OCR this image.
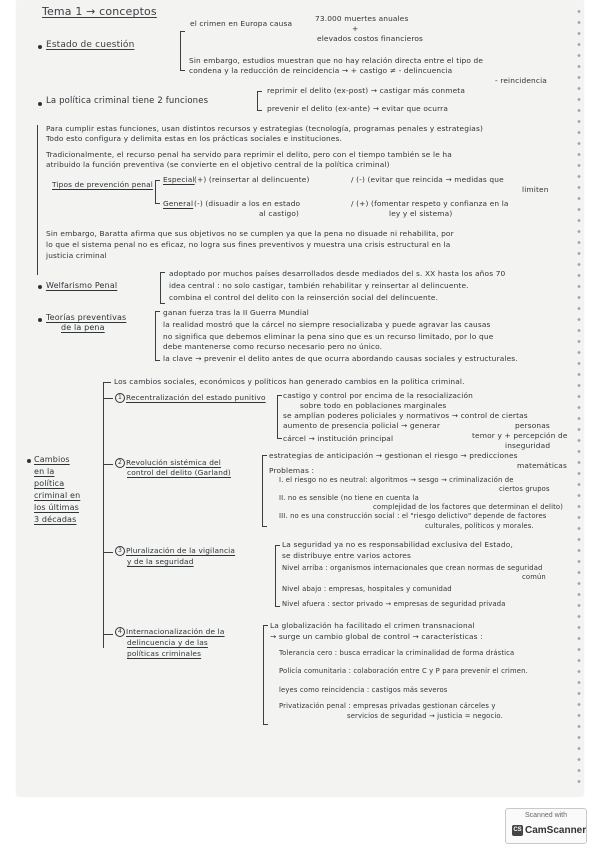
Tema 1 → conceptos
Estado de cuestión
el crimen en Europa causa
73.000 muertes anuales
+
elevados costos financieros
Sin embargo, estudios muestran que no hay relación directa entre el tipo de
condena y la reducción de reincidencia → + castigo ≠ - delincuencia
- reincidencia
La política criminal tiene 2 funciones
reprimir el delito (ex-post) → castigar más conmeta
prevenir el delito (ex-ante) → evitar que ocurra
Para cumplir estas funciones, usan distintos recursos y estrategias (tecnología, programas penales y estrategias)
Todo esto configura y delimita estas en los prácticas sociales e instituciones.
Tradicionalmente, el recurso penal ha servido para reprimir el delito, pero con el tiempo también se le ha
atribuido la función preventiva (se convierte en el objetivo central de la política criminal)
Tipos de prevención penal
Especial (+) (reinsertar al delincuente)	/ (-) (evitar que reincida → medidas que
limiten
General (-) (disuadir a los en estado
al castigo)
/ (+) (fomentar respeto y confianza en la
ley y el sistema)
Sin embargo, Baratta afirma que sus objetivos no se cumplen ya que la pena no disuade ni rehabilita, por
lo que el sistema penal no es eficaz, no logra sus fines preventivos y muestra una crisis estructural en la
justicia criminal
Welfarismo Penal
adoptado por muchos países desarrollados desde mediados del s. XX hasta los años 70
idea central : no solo castigar, también rehabilitar y reinsertar al delincuente.
combina el control del delito con la reinserción social del delincuente.
Teorías preventivas
de la pena
ganan fuerza tras la II Guerra Mundial
la realidad mostró que la cárcel no siempre resocializaba y puede agravar las causas
no significa que debemos eliminar la pena sino que es un recurso limitado, por lo que
debe mantenerse como recurso necesario pero no único.
la clave → prevenir el delito antes de que ocurra abordando causas sociales y estructurales.
Cambios
en la
política
criminal en
los últimas
3 décadas
Los cambios sociales, económicos y políticos han generado cambios en la política criminal.
1 Recentralización del estado punitivo castigo y control por encima de la resocialización
sobre todo en poblaciones marginales
se amplían poderes policiales y normativos → control de ciertas
aumento de presencia policial → generar	personas
temor y + percepción de
cárcel → institución principal
inseguridad
2 Revolución sistémica del
control del delito (Garland)
estrategias de anticipación → gestionan el riesgo → predicciones
matemáticas
Problemas :
I. el riesgo no es neutral: algoritmos → sesgo → criminalización de
ciertos grupos
II. no es sensible (no tiene en cuenta la
complejidad de los factores que determinan el delito)
III. no es una construcción social : el "riesgo delictivo" depende de factores
culturales, políticos y morales.
3 Pluralización de la vigilancia
y de la seguridad
La seguridad ya no es responsabilidad exclusiva del Estado,
se distribuye entre varios actores
Nivel arriba : organismos internacionales que crean normas de seguridad
común
Nivel abajo : empresas, hospitales y comunidad
Nivel afuera : sector privado → empresas de seguridad privada
4 Internacionalización de la
delincuencia y de las
políticas criminales
La globalización ha facilitado el crimen transnacional
→ surge un cambio global de control → características :
Tolerancia cero : busca erradicar la criminalidad de forma drástica
Policía comunitaria : colaboración entre C y P para prevenir el crimen.
leyes como reincidencia : castigos más severos
Privatización penal : empresas privadas gestionan cárceles y
servicios de seguridad → justicia = negocio.
Scanned with
CS CamScanner
